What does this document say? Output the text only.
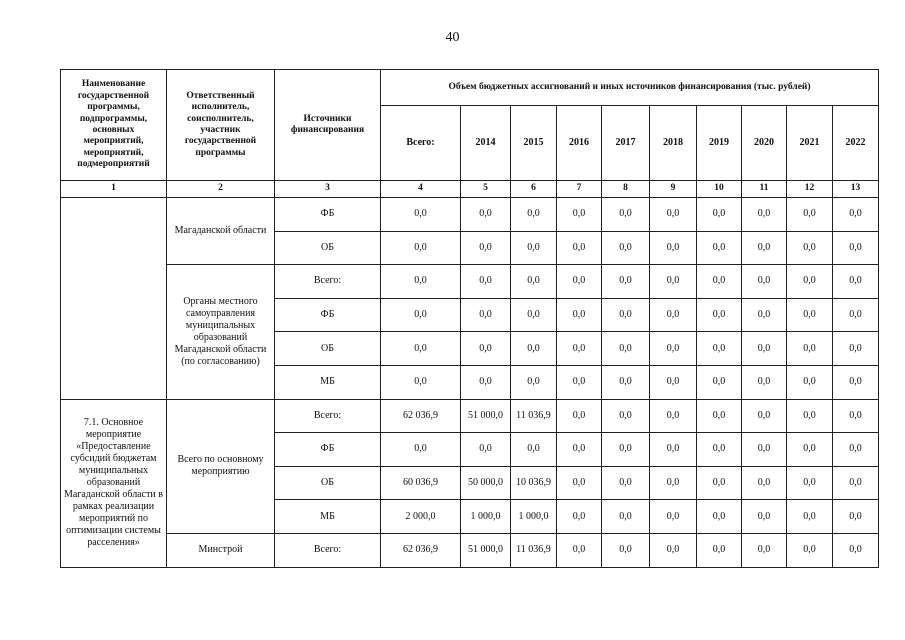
40
Наименование государственной программы, подпрограммы, основных мероприятий, мероприятий, подмероприятий	Ответственный исполнитель, соисполнитель, участник государственной программы	Источники финансирования	Объем бюджетных ассигнований и иных источников финансирования (тыс. рублей)									
			Всего:	2014	2015	2016	2017	2018	2019	2020	2021	2022
1	2	3	4	5	6	7	8	9	10	11	12	13
	Магаданской области	ФБ	0,0	0,0	0,0	0,0	0,0	0,0	0,0	0,0	0,0	0,0
		ОБ	0,0	0,0	0,0	0,0	0,0	0,0	0,0	0,0	0,0	0,0
	Органы местного самоуправления муниципальных образований Магаданской области (по согласованию)	Всего:	0,0	0,0	0,0	0,0	0,0	0,0	0,0	0,0	0,0	0,0
		ФБ	0,0	0,0	0,0	0,0	0,0	0,0	0,0	0,0	0,0	0,0
		ОБ	0,0	0,0	0,0	0,0	0,0	0,0	0,0	0,0	0,0	0,0
		МБ	0,0	0,0	0,0	0,0	0,0	0,0	0,0	0,0	0,0	0,0
7.1. Основное мероприятие «Предоставление субсидий бюджетам муниципальных образований Магаданской области в рамках реализации мероприятий по оптимизации системы расселения»	Всего по основному мероприятию	Всего:	62 036,9	51 000,0	11 036,9	0,0	0,0	0,0	0,0	0,0	0,0	0,0
		ФБ	0,0	0,0	0,0	0,0	0,0	0,0	0,0	0,0	0,0	0,0
		ОБ	60 036,9	50 000,0	10 036,9	0,0	0,0	0,0	0,0	0,0	0,0	0,0
		МБ	2 000,0	1 000,0	1 000,0	0,0	0,0	0,0	0,0	0,0	0,0	0,0
	Минстрой	Всего:	62 036,9	51 000,0	11 036,9	0,0	0,0	0,0	0,0	0,0	0,0	0,0
